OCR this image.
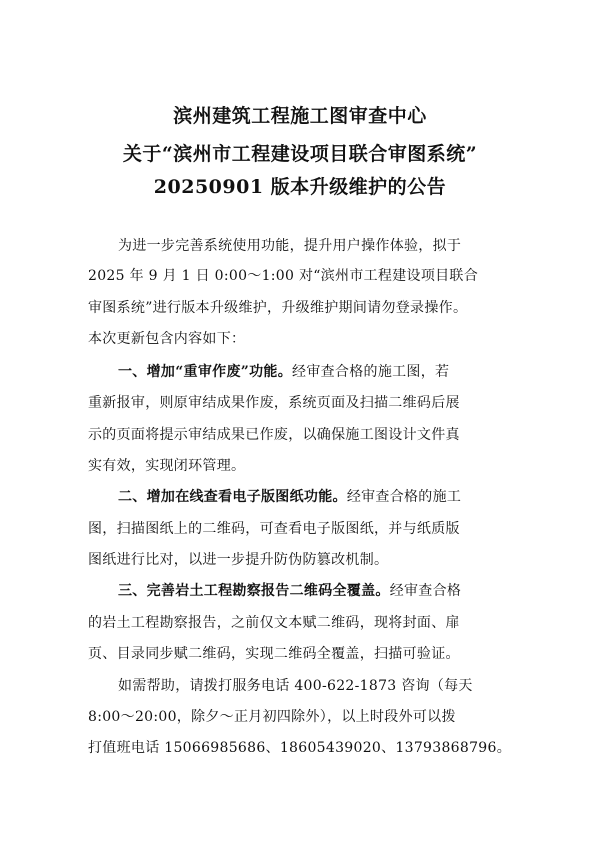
滨州建筑工程施工图审查中心
关于“滨州市工程建设项目联合审图系统”
20250901 版本升级维护的公告
为进一步完善系统使用功能，提升用户操作体验，拟于
2025 年 9 月 1 日 0:00～1:00 对“滨州市工程建设项目联合
审图系统”进行版本升级维护，升级维护期间请勿登录操作。
本次更新包含内容如下：
一、增加“重审作废”功能。经审查合格的施工图，若
重新报审，则原审结成果作废，系统页面及扫描二维码后展
示的页面将提示审结成果已作废，以确保施工图设计文件真
实有效，实现闭环管理。
二、增加在线查看电子版图纸功能。经审查合格的施工
图，扫描图纸上的二维码，可查看电子版图纸，并与纸质版
图纸进行比对，以进一步提升防伪防篡改机制。
三、完善岩土工程勘察报告二维码全覆盖。经审查合格
的岩土工程勘察报告，之前仅文本赋二维码，现将封面、扉
页、目录同步赋二维码，实现二维码全覆盖，扫描可验证。
如需帮助，请拨打服务电话 400-622-1873 咨询（每天
8:00～20:00，除夕～正月初四除外），以上时段外可以拨
打值班电话 15066985686、18605439020、13793868796。
